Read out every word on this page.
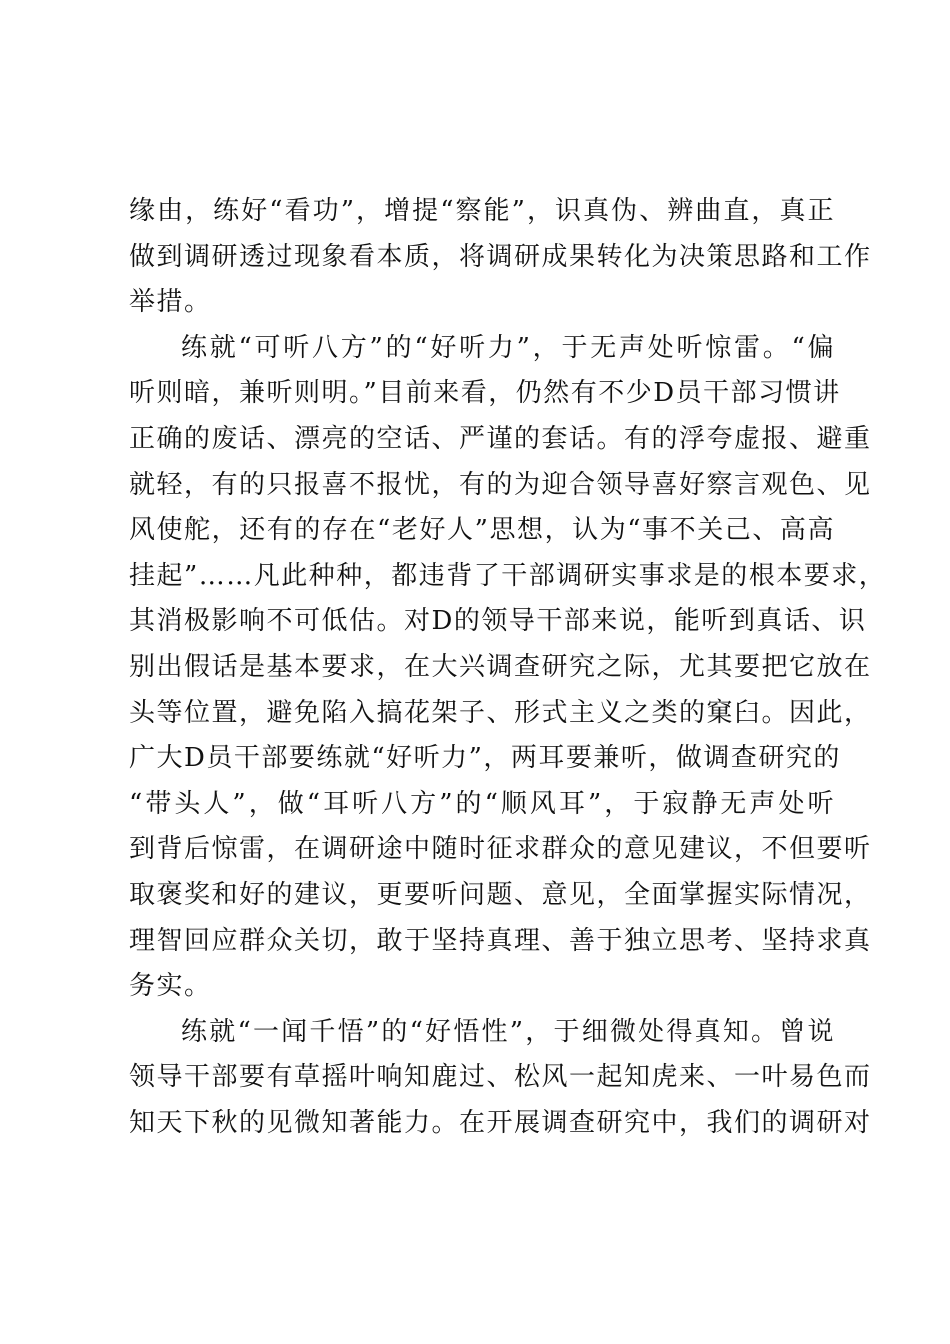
缘由，练好“看功”，增提“察能”，识真伪、辨曲直，真正
做到调研透过现象看本质，将调研成果转化为决策思路和工作
举措。
练就“可听八方”的“好听力”，于无声处听惊雷。“偏
听则暗，兼听则明。”目前来看，仍然有不少D员干部习惯讲
正确的废话、漂亮的空话、严谨的套话。有的浮夸虚报、避重
就轻，有的只报喜不报忧，有的为迎合领导喜好察言观色、见
风使舵，还有的存在“老好人”思想，认为“事不关己、高高
挂起”……凡此种种，都违背了干部调研实事求是的根本要求，
其消极影响不可低估。对D的领导干部来说，能听到真话、识
别出假话是基本要求，在大兴调查研究之际，尤其要把它放在
头等位置，避免陷入搞花架子、形式主义之类的窠臼。因此，
广大D员干部要练就“好听力”，两耳要兼听，做调查研究的
“带头人”，做“耳听八方”的“顺风耳”，于寂静无声处听
到背后惊雷，在调研途中随时征求群众的意见建议，不但要听
取褒奖和好的建议，更要听问题、意见，全面掌握实际情况，
理智回应群众关切，敢于坚持真理、善于独立思考、坚持求真
务实。
练就“一闻千悟”的“好悟性”，于细微处得真知。曾说
领导干部要有草摇叶响知鹿过、松风一起知虎来、一叶易色而
知天下秋的见微知著能力。在开展调查研究中，我们的调研对
